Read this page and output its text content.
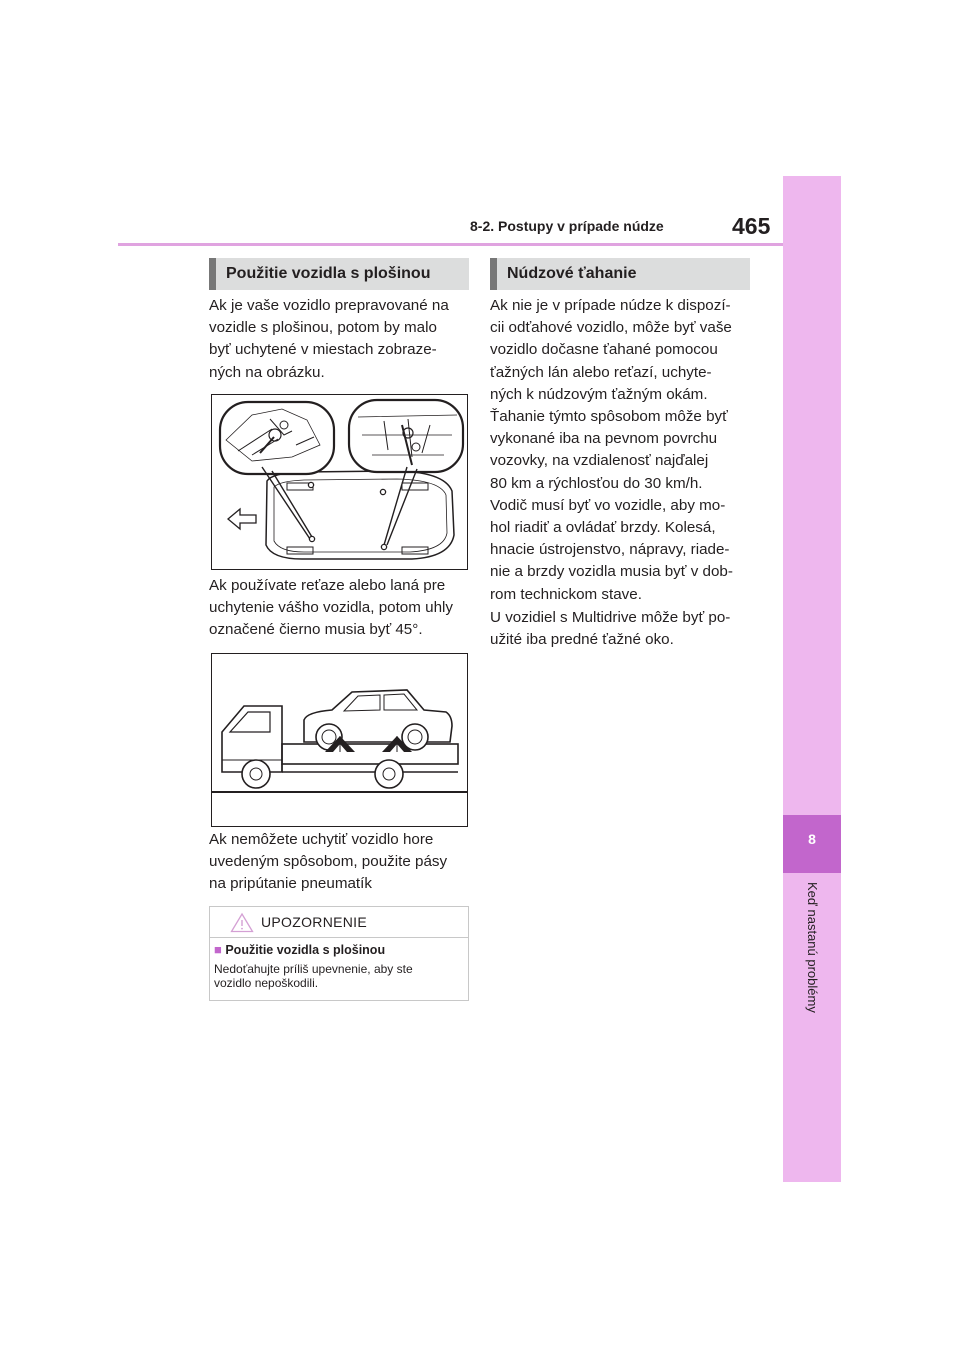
8
Keď nastanú problémy
8-2. Postupy v prípade núdze	465
Použitie vozidla s plošinou

Ak je vaše vozidlo prepravované na

vozidle s plošinou, potom by malo

byť uchytené v miestach zobraze-

ných na obrázku.

Ak používate reťaze alebo laná pre

uchytenie vášho vozidla, potom uhly

označené čierno musia byť 45°.

Ak nemôžete uchytiť vozidlo hore

uvedeným spôsobom, použite pásy

na pripútanie pneumatík

UPOZORNENIE
■ Použitie vozidla s plošinou

Nedoťahujte príliš upevnenie, aby ste

vozidlo nepoškodili.

Núdzové ťahanie

Ak nie je v prípade núdze k dispozí-

cii odťahové vozidlo, môže byť vaše

vozidlo dočasne ťahané pomocou

ťažných lán alebo reťazí, uchyte-

ných k núdzovým ťažným okám.

Ťahanie týmto spôsobom môže byť

vykonané iba na pevnom povrchu

vozovky, na vzdialenosť najďalej

80 km a rýchlosťou do 30 km/h.

Vodič musí byť vo vozidle, aby mo-

hol riadiť a ovládať brzdy. Kolesá,

hnacie ústrojenstvo, nápravy, riade-

nie a brzdy vozidla musia byť v dob-

rom technickom stave.

U vozidiel s Multidrive môže byť po-

užité iba predné ťažné oko.
